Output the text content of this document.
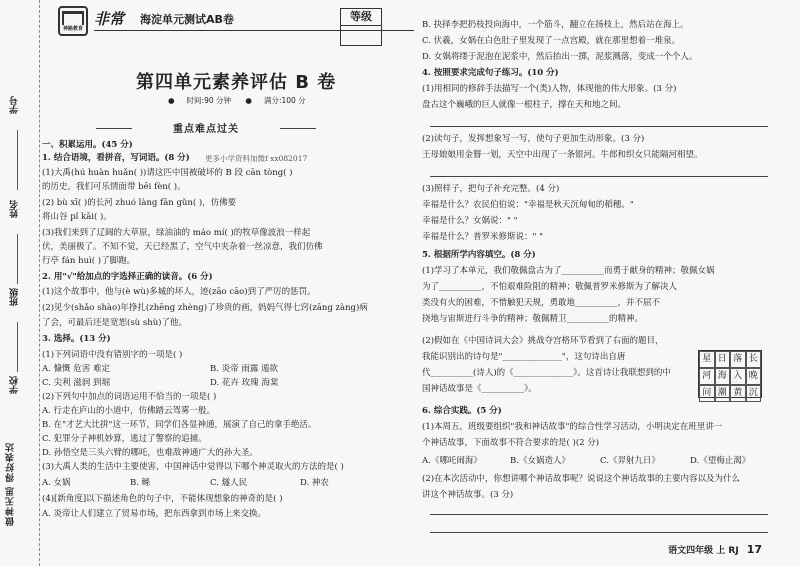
学号
姓名
班级
学校
做神无思 得好表达
神路教育
非常 海淀单元测试AB卷	等级
第四单元素养评估 B 卷
● 时间:90 分钟 ● 满分:100 分
重点难点过关
一、积累运用。(45 分)
1. 结合语境，看拼音，写词语。(8 分) 更多小学资料加微f xx082017
(1)大禹(hú huàn huǎn( ))请这匹中国被破坏的 B 段 cān tòng( )
的历史，我们可乐情面带 bēi fèn( )。
(2) bù xī( )的长河 zhuó làng fān gǔn( )，仿佛要
将山谷 pǐ kāi( )。
(3)我们来到了辽阔的大草原，绿油油的 máo mí( )的牧草像波浪一样起
伏，美丽极了。不知不觉，天已经黑了，空气中夹杂着一丝凉意，我们仿佛
行亭 fán huì( )了脚跑。
2. 用"√"给加点的字选择正确的读音。(6 分)
(1)这个故事中，他与(è wù)多城的坏人，迹(zāo cāo)到了严厉的惩罚。
(2)见少(shǎo shào)年挣扎(zhēng zhèng)了珍贵的画，妈妈气得七窍(zāng zàng)病
了会，可最后还是宽恕(sù shù)了他。
3. 选择。(13 分)
(1)下列词语中没有错别字的一项是( )
A. 慷慨 危害 难定	B. 炎帝 雨露 遁欲
C. 尖利 滋润 到堀	D. 花卉 玫瑰 海棠
(2)下列句中加点的词语运用不恰当的一项是( )
A. 行走在庐山的小道中，仿佛踏云驾雾一般。
B. 在"才艺大比拼"这一环节，同学们各显神通，展演了自己的拿手绝活。
C. 犯罪分子神机妙算，逃过了警察的追捕。
D. 孙悟空是三头六臂的哪吒，也难敌神通广大的孙大圣。
(3)大禹人类的生活中主要使害，中国神话中觉得以下哪个神灵取火的方法的是( )
A. 女娲	B. 鲧	C. 燧人民	D. 神农
(4)[新角度]以下描述角色的句子中，不能体现想象的神奇的是( )
A. 炎帝让人们建立了贸易市场，把东西拿到市场上来交换。
B. 抉择李把扔枝投向海中，一个筋斗，翻立在扬枝上，然后站在海上。
C. 伏羲，女娲在白色肚子里发现了一点宫殿，就在那里想着一堆泉。
D. 女娲将缕于泥泡在泥浆中，然后抬出一掷，泥浆溅落，变成一个个人。
4. 按照要求完成句子练习。(10 分)
(1)用相同的修辞手法描写一个(类)人物，体现他的伟大形象。(3 分)
盘古这个巍峨的巨人就像一根柱子，撑在天和地之间。
(2)读句子，发挥想象写一写，使句子更加生动形象。(3 分)
王母娘娘用金簪一划，天空中出现了一条银河。牛郎和织女只能隔河相望。
(3)照样子，把句子补充完整。(4 分)
幸福是什么？农民伯伯说："幸福是秋天沉甸甸的稻穗。"
幸福是什么？女娲说：" "
幸福是什么？普罗米修斯说：" "
5. 根据所学内容填空。(8 分)
(1)学习了本单元，我们敬佩盘古为了__________而勇于献身的精神；敬佩女娲
为了__________，不怕艰难险阻的精神；敬佩普罗米修斯为了解决人
类没有火的困难，不惜触犯天规，勇敢地__________，并不屈不
挠地与宙斯进行斗争的精神；敬佩精卫__________的精神。
(2)假如在《中国诗词大会》挑战夺宫格环节看到了右面的题目，
我能识别出的诗句是"______________"，这句诗出自唐
代__________(诗人)的《______________》。这首诗让我联想到的中
国神话故事是《__________》。
星 日 落 长
河 海 入 晚
问 潮 黄 沉
6. 综合实践。(5 分)
(1)本周五，班级要组织"我和神话故事"的综合性学习活动，小明决定在班里讲一
个神话故事，下面故事不符合要求的是( )(2 分)
A.《哪吒闹海》	B.《女娲造人》	C.《羿射九日》	D.《望梅止渴》
(2)在本次活动中，你想讲哪个神话故事呢？说说这个神话故事的主要内容以及为什么
讲这个神话故事。(3 分)
语文四年级 上 RJ 17
